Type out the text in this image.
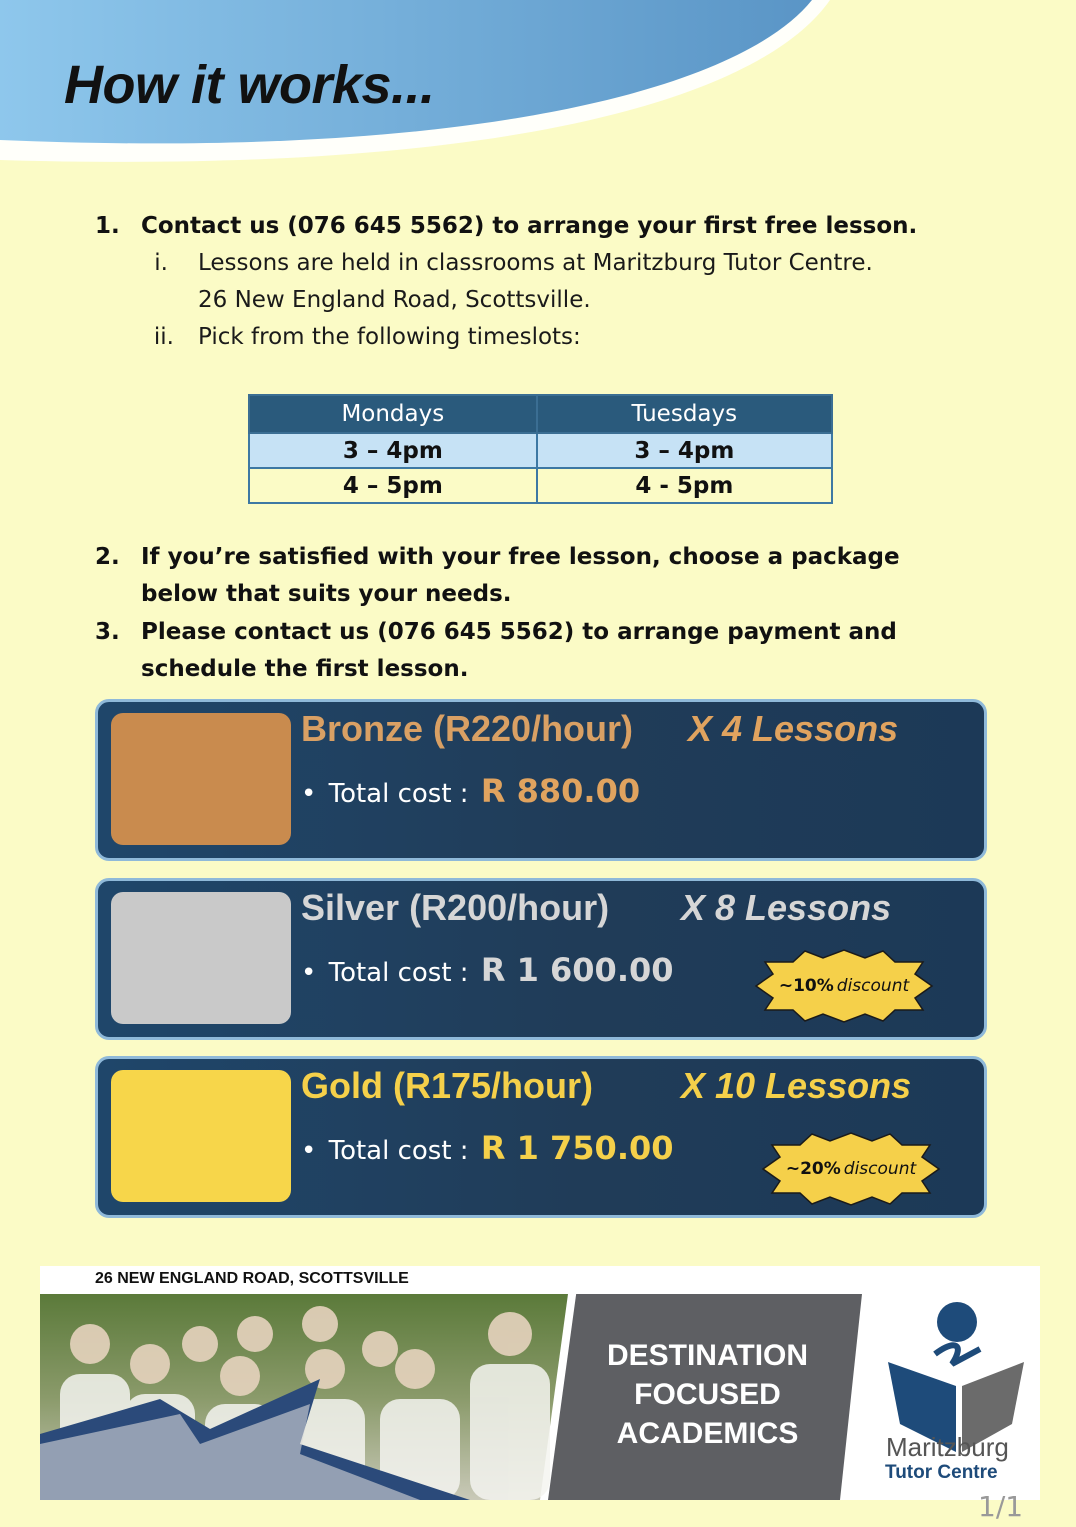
How it works...
1. Contact us (076 645 5562) to arrange your first free lesson.
i. Lessons are held in classrooms at Maritzburg Tutor Centre.
26 New England Road, Scottsville.
ii. Pick from the following timeslots:
Mondays	Tuesdays
3 – 4pm	3 – 4pm
4 – 5pm	4 - 5pm
2. If you’re satisfied with your free lesson, choose a package below that suits your needs.
3. Please contact us (076 645 5562) to arrange payment and schedule the first lesson.
Bronze (R220/hour) X 4 Lessons
• Total cost : R 880.00
Silver (R200/hour) X 8 Lessons
• Total cost : R 1 600.00	~10% discount
Gold (R175/hour) X 10 Lessons
• Total cost : R 1 750.00
~20% discount
26 NEW ENGLAND ROAD, SCOTTSVILLE
DESTINATION
FOCUSED
ACADEMICS	Maritzburg
Tutor Centre
1/1
